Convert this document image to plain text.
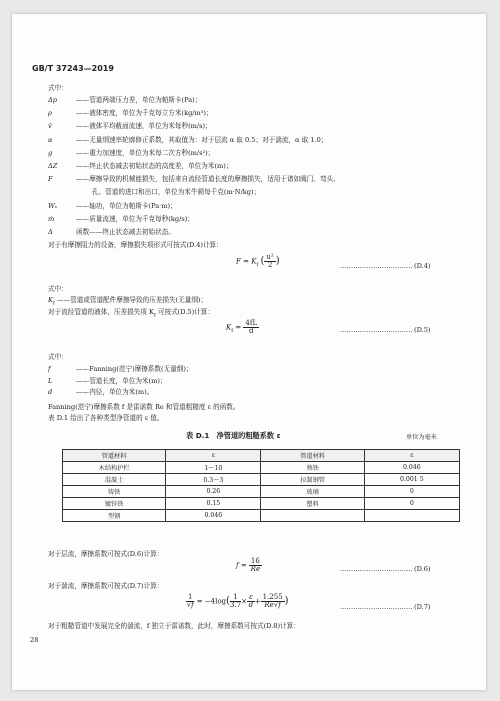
GB/T 37243—2019
式中：
Δp	——管道两端压力差，单位为帕斯卡(Pa)；
ρ	——液体密度，单位为千克每立方米(kg/m³)；
v̄	——液体平均截面流速，单位为米每秒(m/s)；
α	——无量纲速率轮廓修正系数，其取值为：对于层流 α 取 0.5；对于湍流，α 取 1.0；
g	——重力加速度，单位为米每二次方秒(m/s²)；
ΔZ	——终止状态减去初始状态的高度差，单位为米(m)；
F	——摩擦导致的机械能损失，包括来自流经管道长度的摩擦损失，适用于诸如阀门、弯头、
孔、管道的进口和出口，单位为米牛顿每千克(m·N/kg)；
Wₛ	——轴功，单位为帕斯卡(Pa·m)；
ṁ	——质量流速，单位为千克每秒(kg/s)；
Δ	函数——终止状态减去初始状态。
对于有摩擦阻力的设备，摩擦损失项形式可按式(D.4)计算：
$F = K_f$ ( $\frac{\text{u²}}{2}$ )	…………………………… (D.4)
式中：
$K_f$ ——管道或管道配件摩擦导致的压差损失(无量纲)；
对于流经管道的液体，压差损失项 $K_f$ 可按式(D.5)计算：
$K_f = \frac{4fL}{d}$	…………………………… (D.5)
式中：
f	——Fanning(范宁)摩擦系数(无量纲)；
L	——管道长度，单位为米(m)；
d	——内径，单位为米(m)。
Fanning(范宁)摩擦系数 f 是雷诺数 Re 和管道粗糙度 ε 的函数。
表 D.1 给出了各种类型净管道的 ε 值。
表 D.1　净管道的粗糙系数 ε	单位为毫米
管道材料	ε	管道材料	ε
木结构护栏	1～10	熟铁	0.046
混凝土	0.3～3	拉制钢管	0.001 5
铸铁	0.26	玻璃	0
镀锌铁	0.15	塑料	0
型钢	0.046		
对于层流，摩擦系数可按式(D.6)计算：
$f = \frac{16}{Re}$	…………………………… (D.6)
对于湍流，摩擦系数可按式(D.7)计算：
$\frac{1}{√f} = -4\log( \frac{1}{3.7} \times \frac{\varepsilon}{d} + \frac{1.255}{Re√f}$ )
…………………………… (D.7)
对于粗糙管道中发展完全的湍流，f 独立于雷诺数，此时，摩擦系数可按式(D.8)计算：
28
